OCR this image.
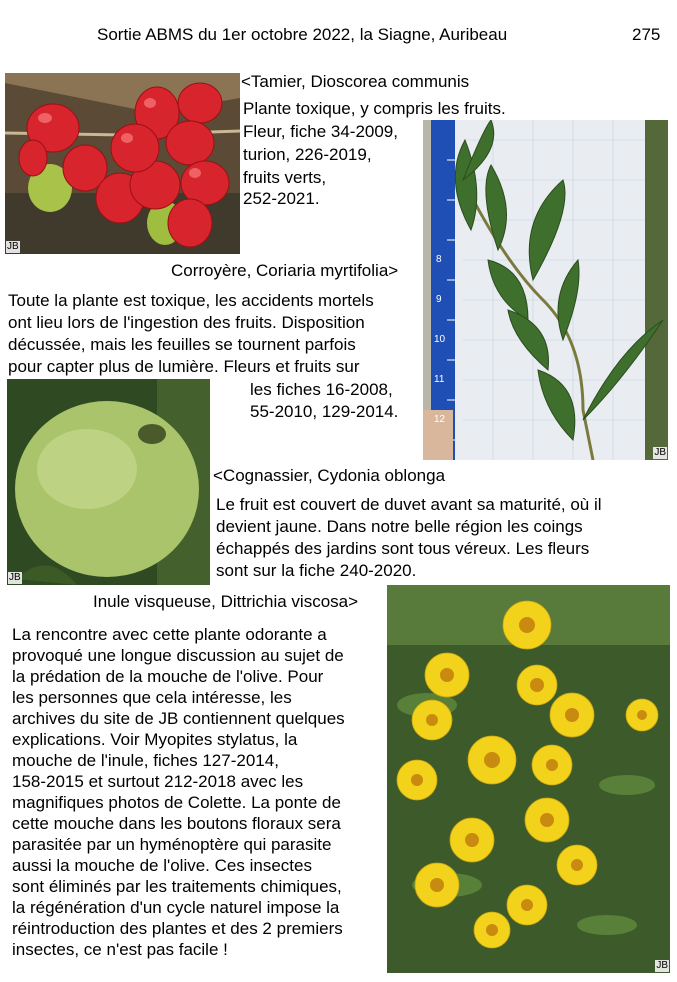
Sortie ABMS du 1er octobre 2022, la Siagne, Auribeau	275
JB
<Tamier, Dioscorea communis
Plante toxique, y compris les fruits.
Fleur, fiche 34-2009,
turion, 226-2019,
fruits verts,
252-2021.
8
9
10
11
12
JB
Corroyère, Coriaria myrtifolia>
Toute la plante est toxique, les accidents mortels
ont lieu lors de l'ingestion des fruits. Disposition
décussée, mais les feuilles se tournent parfois
pour capter plus de lumière. Fleurs et fruits sur
les fiches 16-2008,
55-2010, 129-2014.
JB
<Cognassier, Cydonia oblonga
Le fruit est couvert de duvet avant sa maturité, où il
devient jaune. Dans notre belle région les coings
échappés des jardins sont tous véreux. Les fleurs
sont sur la fiche 240-2020.
Inule visqueuse, Dittrichia viscosa>
La rencontre avec cette plante odorante a
provoqué une longue discussion au sujet de
la prédation de la mouche de l'olive. Pour
les personnes que cela intéresse, les
archives du site de JB contiennent quelques
explications. Voir Myopites stylatus, la
mouche de l'inule, fiches 127-2014,
158-2015 et surtout 212-2018 avec les
magnifiques photos de Colette. La ponte de
cette mouche dans les boutons floraux sera
parasitée par un hyménoptère qui parasite
aussi la mouche de l'olive. Ces insectes
sont éliminés par les traitements chimiques,
la régénération d'un cycle naturel impose la
réintroduction des plantes et des 2 premiers
insectes, ce n'est pas facile !
JB
